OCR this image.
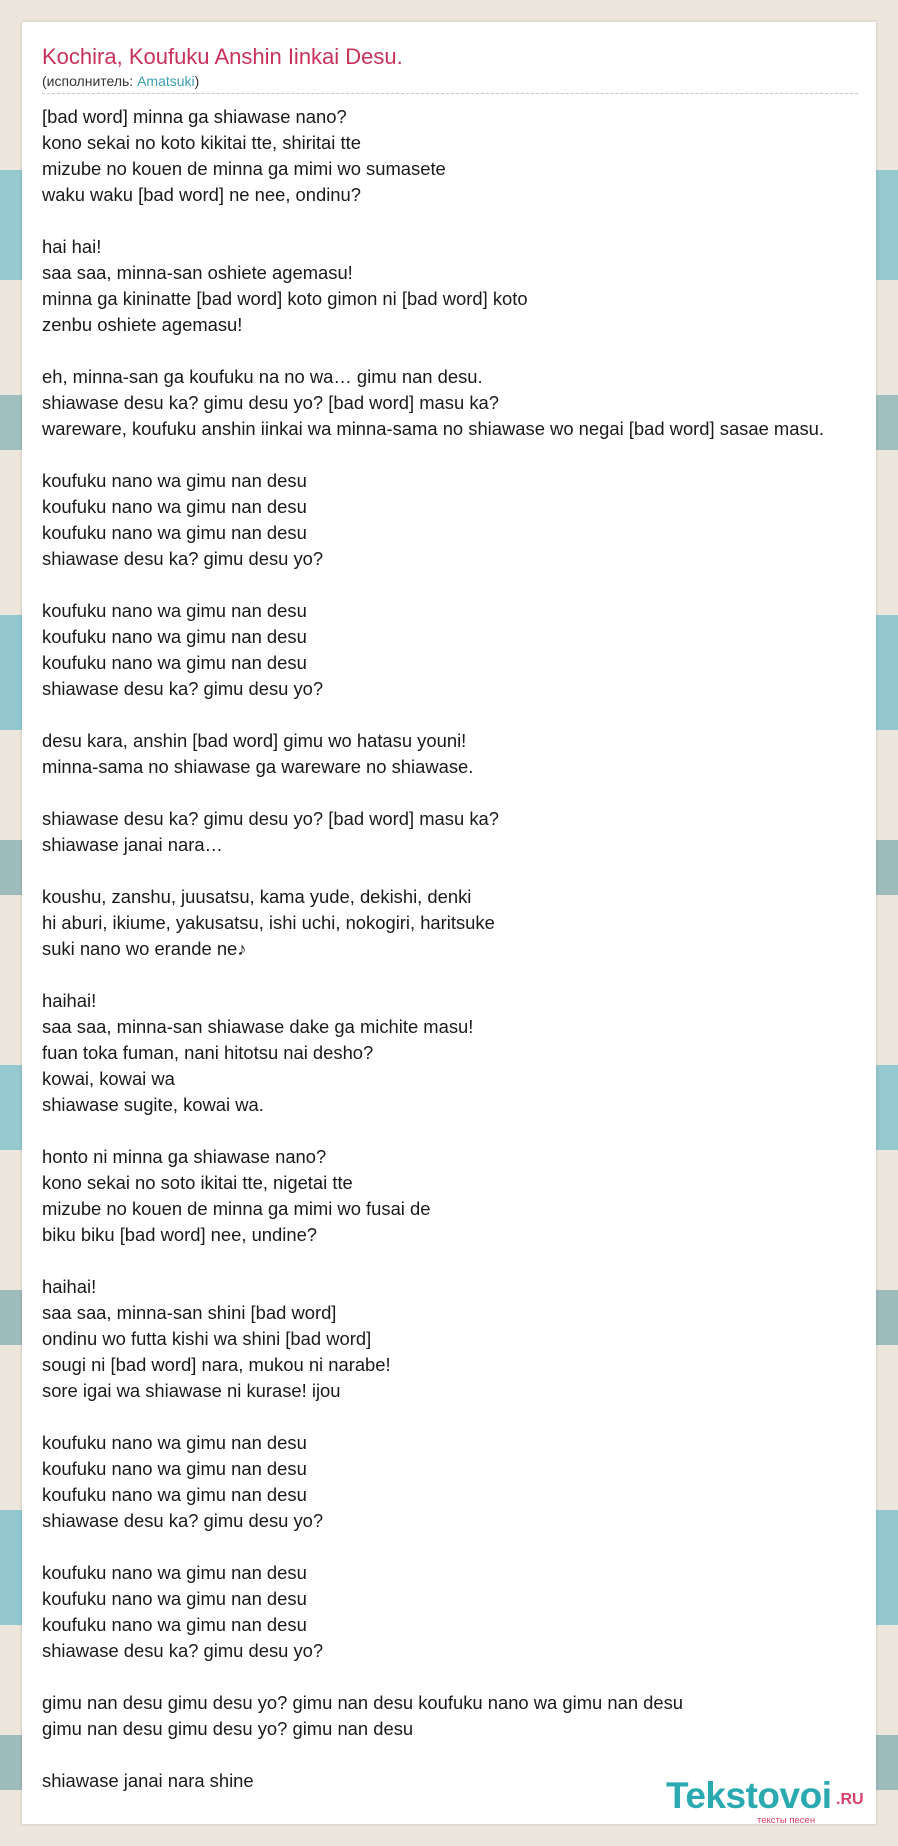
Kochira, Koufuku Anshin Iinkai Desu.
(исполнитель: Amatsuki)
[bad word] minna ga shiawase nano?
kono sekai no koto kikitai tte, shiritai tte
mizube no kouen de minna ga mimi wo sumasete
waku waku [bad word] ne nee, ondinu?
hai hai!
saa saa, minna-san oshiete agemasu!
minna ga kininatte [bad word] koto gimon ni [bad word] koto
zenbu oshiete agemasu!
eh, minna-san ga koufuku na no wa… gimu nan desu.
shiawase desu ka? gimu desu yo? [bad word] masu ka?
wareware, koufuku anshin iinkai wa minna-sama no shiawase wo negai [bad word] sasae masu.
koufuku nano wa gimu nan desu
koufuku nano wa gimu nan desu
koufuku nano wa gimu nan desu
shiawase desu ka? gimu desu yo?
koufuku nano wa gimu nan desu
koufuku nano wa gimu nan desu
koufuku nano wa gimu nan desu
shiawase desu ka? gimu desu yo?
desu kara, anshin [bad word] gimu wo hatasu youni!
minna-sama no shiawase ga wareware no shiawase.
shiawase desu ka? gimu desu yo? [bad word] masu ka?
shiawase janai nara…
koushu, zanshu, juusatsu, kama yude, dekishi, denki
hi aburi, ikiume, yakusatsu, ishi uchi, nokogiri, haritsuke
suki nano wo erande ne♪
haihai!
saa saa, minna-san shiawase dake ga michite masu!
fuan toka fuman, nani hitotsu nai desho?
kowai, kowai wa
shiawase sugite, kowai wa.
honto ni minna ga shiawase nano?
kono sekai no soto ikitai tte, nigetai tte
mizube no kouen de minna ga mimi wo fusai de
biku biku [bad word] nee, undine?
haihai!
saa saa, minna-san shini [bad word]
ondinu wo futta kishi wa shini [bad word]
sougi ni [bad word] nara, mukou ni narabe!
sore igai wa shiawase ni kurase! ijou
koufuku nano wa gimu nan desu
koufuku nano wa gimu nan desu
koufuku nano wa gimu nan desu
shiawase desu ka? gimu desu yo?
koufuku nano wa gimu nan desu
koufuku nano wa gimu nan desu
koufuku nano wa gimu nan desu
shiawase desu ka? gimu desu yo?
gimu nan desu gimu desu yo? gimu nan desu koufuku nano wa gimu nan desu
gimu nan desu gimu desu yo? gimu nan desu
shiawase janai nara shine	Tekstovoi .RU
тексты песен
